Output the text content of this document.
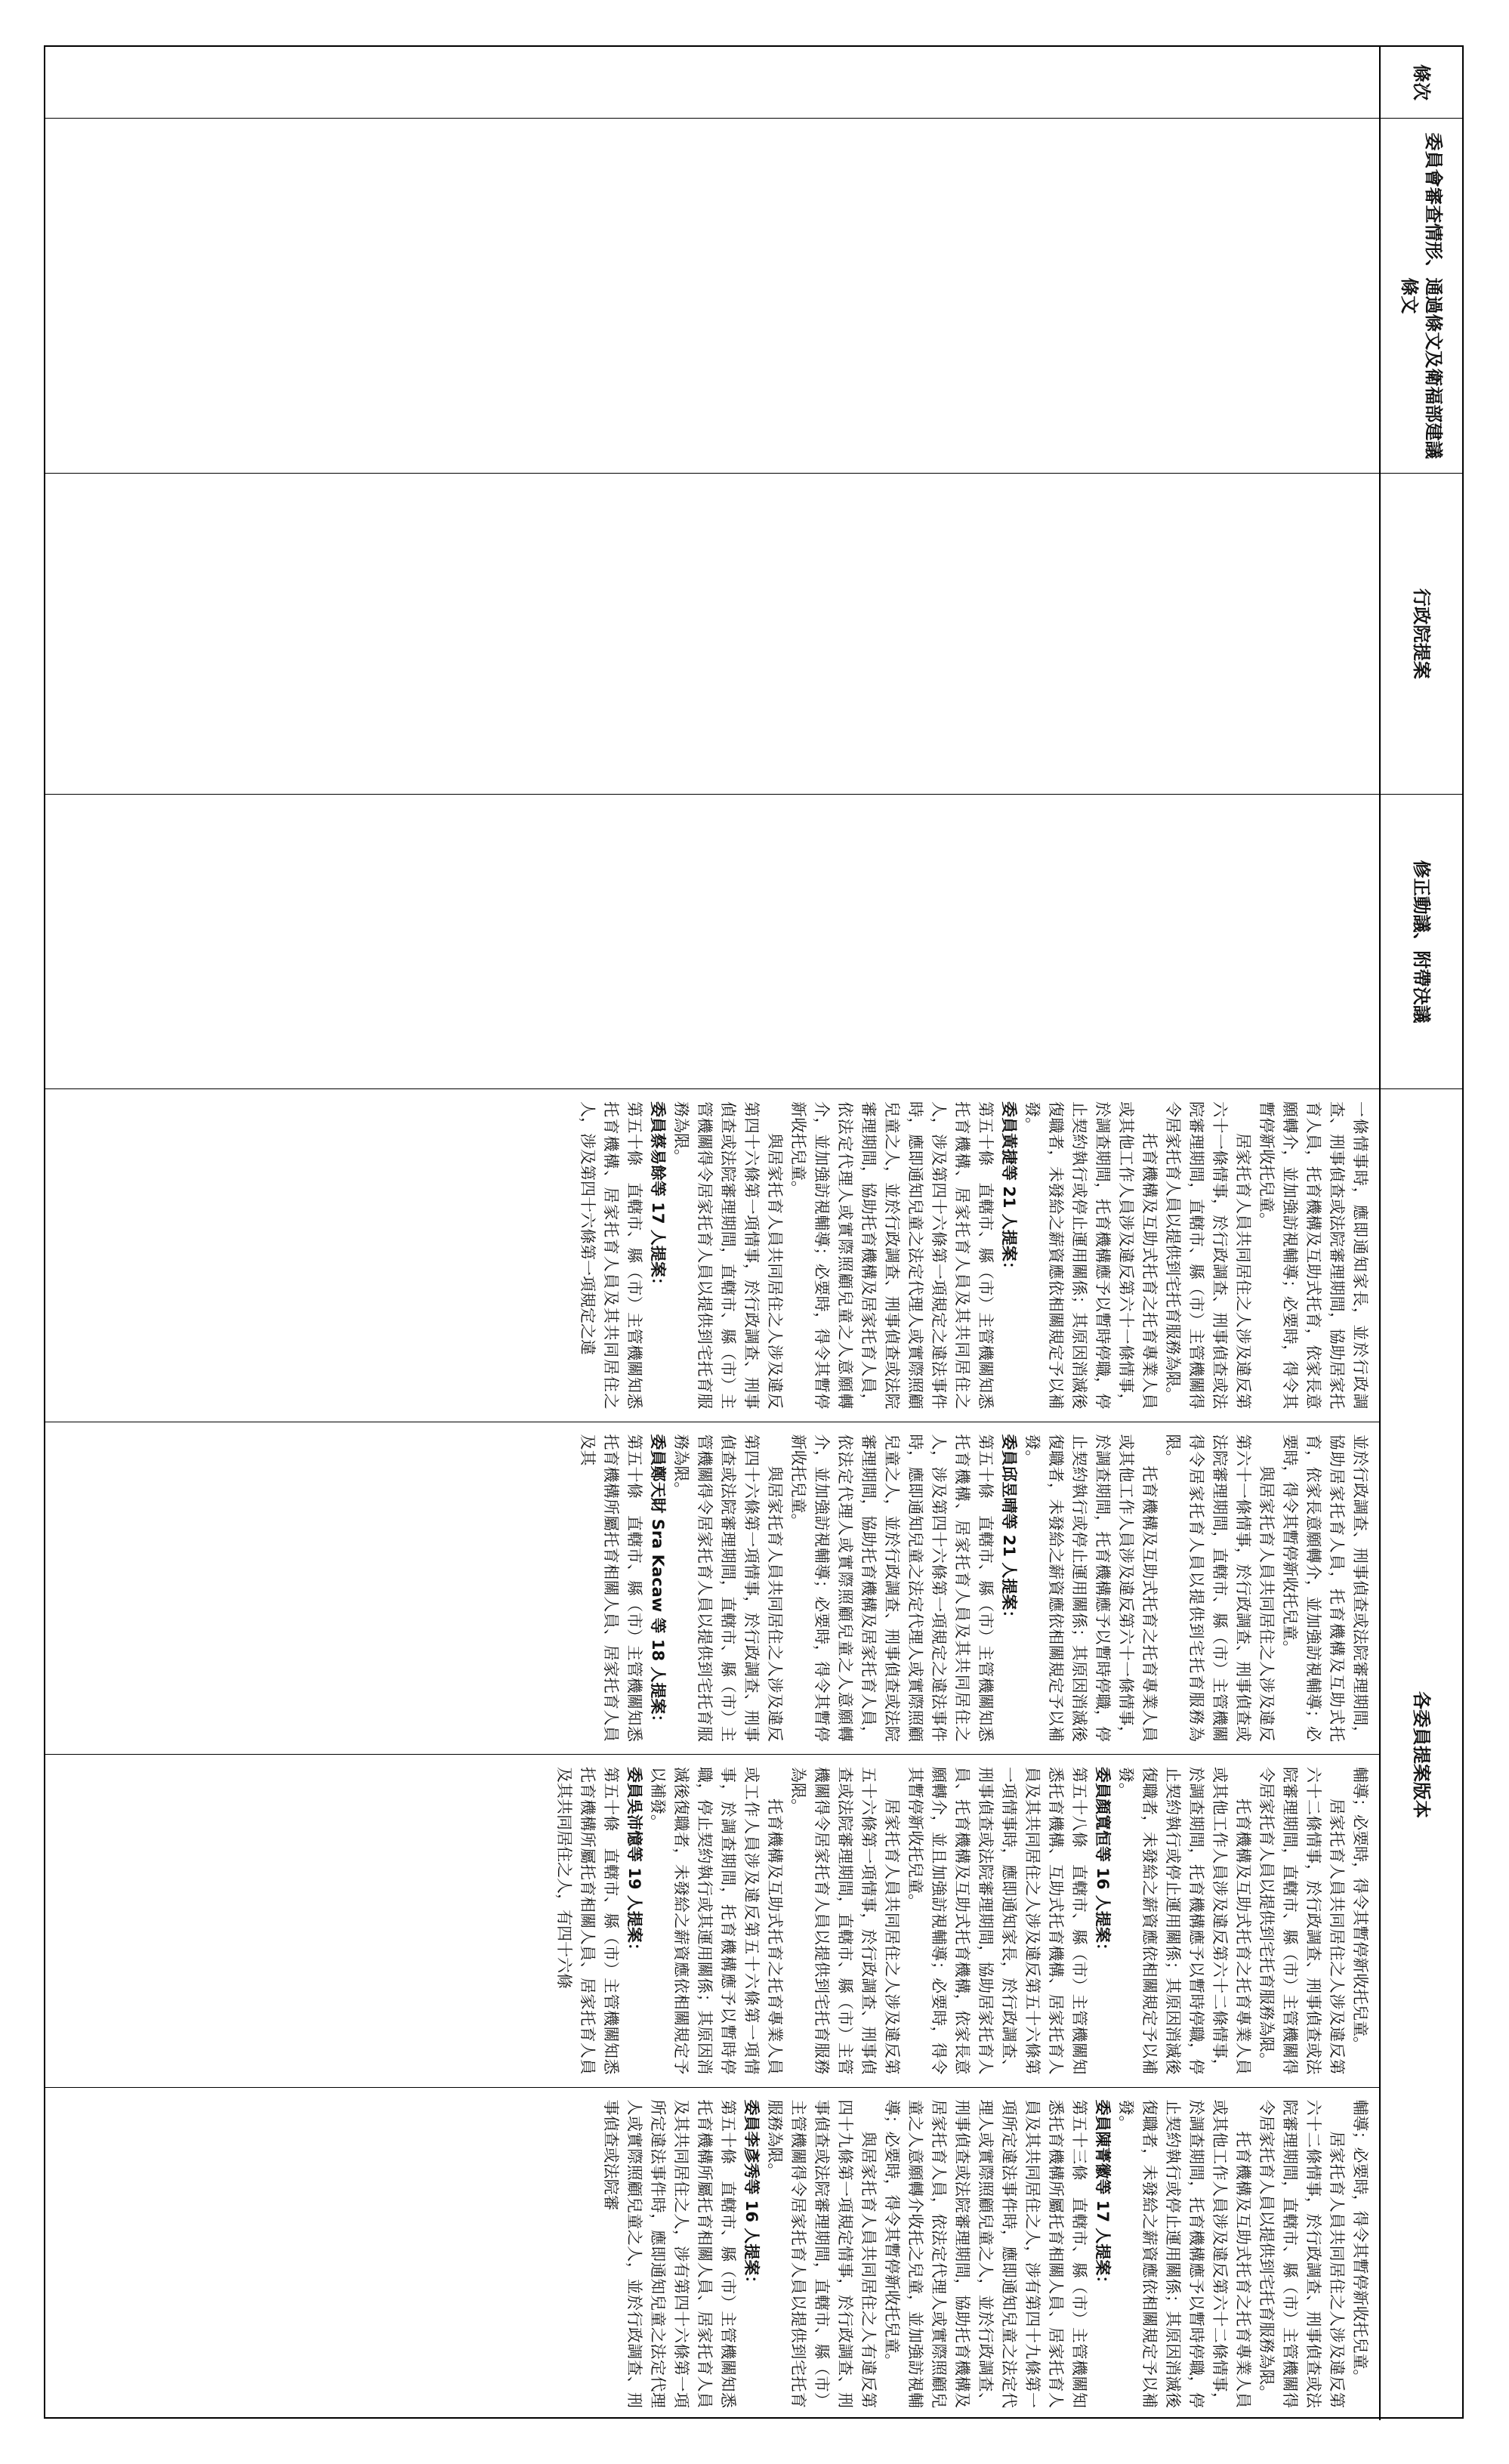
條次
委員會審查情形、通過條文及衛福部建議條文
行政院提案
修正動議、附帶決議
各委員提案版本

一條情事時，應即通知家長，並於行政調查、刑事偵查或法院審理期間，協助居家托育人員，托育機構及互助式托育，依家長意願轉介，並加強訪視輔導；必要時，得令其暫停新收托兒童。

居家托育人員共同居住之人涉及違反第六十一條情事，於行政調查、刑事偵查或法院審理期間，直轄市、縣（市）主管機關得令居家托育人員以提供到宅托育服務為限。

托育機構及互助式托育之托育專業人員或其他工作人員涉及違反第六十一條情事，於調查期間，托育機構應予以暫時停職，停止契約執行或停止運用關係；其原因消滅後復職者，未發給之薪資應依相關規定予以補發。

委員黃捷等 21 人提案：

第五十條　直轄市、縣（市）主管機關知悉托育機構、居家托育人員及其共同居住之人，涉及第四十六條第一項規定之違法事件時，應即通知兒童之法定代理人或實際照顧兒童之人，並於行政調查、刑事偵查或法院審理期間，協助托育機構及居家托育人員，依法定代理人或實際照顧兒童之人意願轉介，並加強訪視輔導；必要時，得令其暫停新收托兒童。

與居家托育人員共同居住之人涉及違反第四十六條第一項情事，於行政調查、刑事偵查或法院審理期間，直轄市、縣（市）主管機關得令居家托育人員以提供到宅托育服務為限。

委員蔡易餘等 17 人提案：

第五十條　直轄市、縣（市）主管機關知悉托育機構、居家托育人員及其共同居住之人，涉及第四十六條第一項規定之違

並於行政調查、刑事偵查或法院審理期間，協助居家托育人員，托育機構及互助式托育，依家長意願轉介，並加強訪視輔導；必要時，得令其暫停新收托兒童。

與居家托育人員共同居住之人涉及違反第六十一條情事，於行政調查、刑事偵查或法院審理期間，直轄市、縣（市）主管機關得令居家托育人員以提供到宅托育服務為限。

托育機構及互助式托育之托育專業人員或其他工作人員涉及違反第六十一條情事，於調查期間，托育機構應予以暫時停職，停止契約執行或停止運用關係；其原因消滅後復職者，未發給之薪資應依相關規定予以補發。

委員邱昱晴等 21 人提案：

第五十條　直轄市、縣（市）主管機關知悉托育機構、居家托育人員及其共同居住之人，涉及第四十六條第一項規定之違法事件時，應即通知兒童之法定代理人或實際照顧兒童之人，並於行政調查、刑事偵查或法院審理期間，協助托育機構及居家托育人員，依法定代理人或實際照顧兒童之人意願轉介，並加強訪視輔導；必要時，得令其暫停新收托兒童。

與居家托育人員共同居住之人涉及違反第四十六條第一項情事，於行政調查、刑事偵查或法院審理期間，直轄市、縣（市）主管機關得令居家托育人員以提供到宅托育服務為限。

委員鄭天財 Sra Kacaw 等 18 人提案：

第五十條　直轄市、縣（市）主管機關知悉托育機構所屬托育相關人員、居家托育人員及其

輔導；必要時，得令其暫停新收托兒童。

居家托育人員共同居住之人涉及違反第六十二條情事，於行政調查、刑事偵查或法院審理期間，直轄市、縣（市）主管機關得令居家托育人員以提供到宅托育服務為限。

托育機構及互助式托育之托育專業人員或其他工作人員涉及違反第六十二條情事，於調查期間，托育機構應予以暫時停職，停止契約執行或停止運用關係；其原因消滅後復職者，未發給之薪資應依相關規定予以補發。

委員顏寬恒等 16 人提案：

第五十八條　直轄市、縣（市）主管機關知悉托育機構、互助式托育機構、居家托育人員及其共同居住之人涉及違反第五十六條第一項情事時，應即通知家長，於行政調查、刑事偵查或法院審理期間，協助居家托育人員、托育機構及互助式托育機構，依家長意願轉介，並且加強訪視輔導；必要時，得令其暫停新收托兒童。

居家托育人員共同居住之人涉及違反第五十六條第一項情事，於行政調查、刑事偵查或法院審理期間，直轄市、縣（市）主管機關得令居家托育人員以提供到宅托育服務為限。

托育機構及互助式托育之托育專業人員或工作人員涉及違反第五十六條第一項情事，於調查期間，托育機構應予以暫時停職，停止契約執行或其運用關係；其原因消滅後復職者，未發給之薪資應依相關規定予以補發。

委員吳沛憶等 19 人提案：

第五十條　直轄市、縣（市）主管機關知悉托育機構所屬托育相關人員、居家托育人員及其共同居住之人，有四十六條

輔導；必要時，得令其暫停新收托兒童。

居家托育人員共同居住之人涉及違反第六十二條情事，於行政調查、刑事偵查或法院審理期間，直轄市、縣（市）主管機關得令居家托育人員以提供到宅托育服務為限。

托育機構及互助式托育之托育專業人員或其他工作人員涉及違反第六十二條情事，於調查期間，托育機構應予以暫時停職，停止契約執行或停止運用關係；其原因消滅後復職者，未發給之薪資應依相關規定予以補發。

委員陳菁徽等 17 人提案：

第五十三條　直轄市、縣（市）主管機關知悉托育機構所屬托育相關人員、居家托育人員及其共同居住之人，涉有第四十九條第一項所定違法事件時，應即通知兒童之法定代理人或實際照顧兒童之人，並於行政調查、刑事偵查或法院審理期間，協助托育機構及居家托育人員，依法定代理人或實際照顧兒童之人意願轉介收托之兒童，並加強訪視輔導；必要時，得令其暫停新收托兒童。

與居家托育人員共同居住之人有違反第四十九條第一項規定情事，於行政調查、刑事偵查或法院審理期間，直轄市、縣（市）主管機關得令居家托育人員以提供到宅托育服務為限。

委員李彥秀等 16 人提案：

第五十條　直轄市、縣（市）主管機關知悉托育機構所屬托育相關人員、居家托育人員及其共同居住之人，涉有第四十六條第一項所定違法事件時，應即通知兒童之法定代理人或實際照顧兒童之人，並於行政調查、刑事偵查或法院審
